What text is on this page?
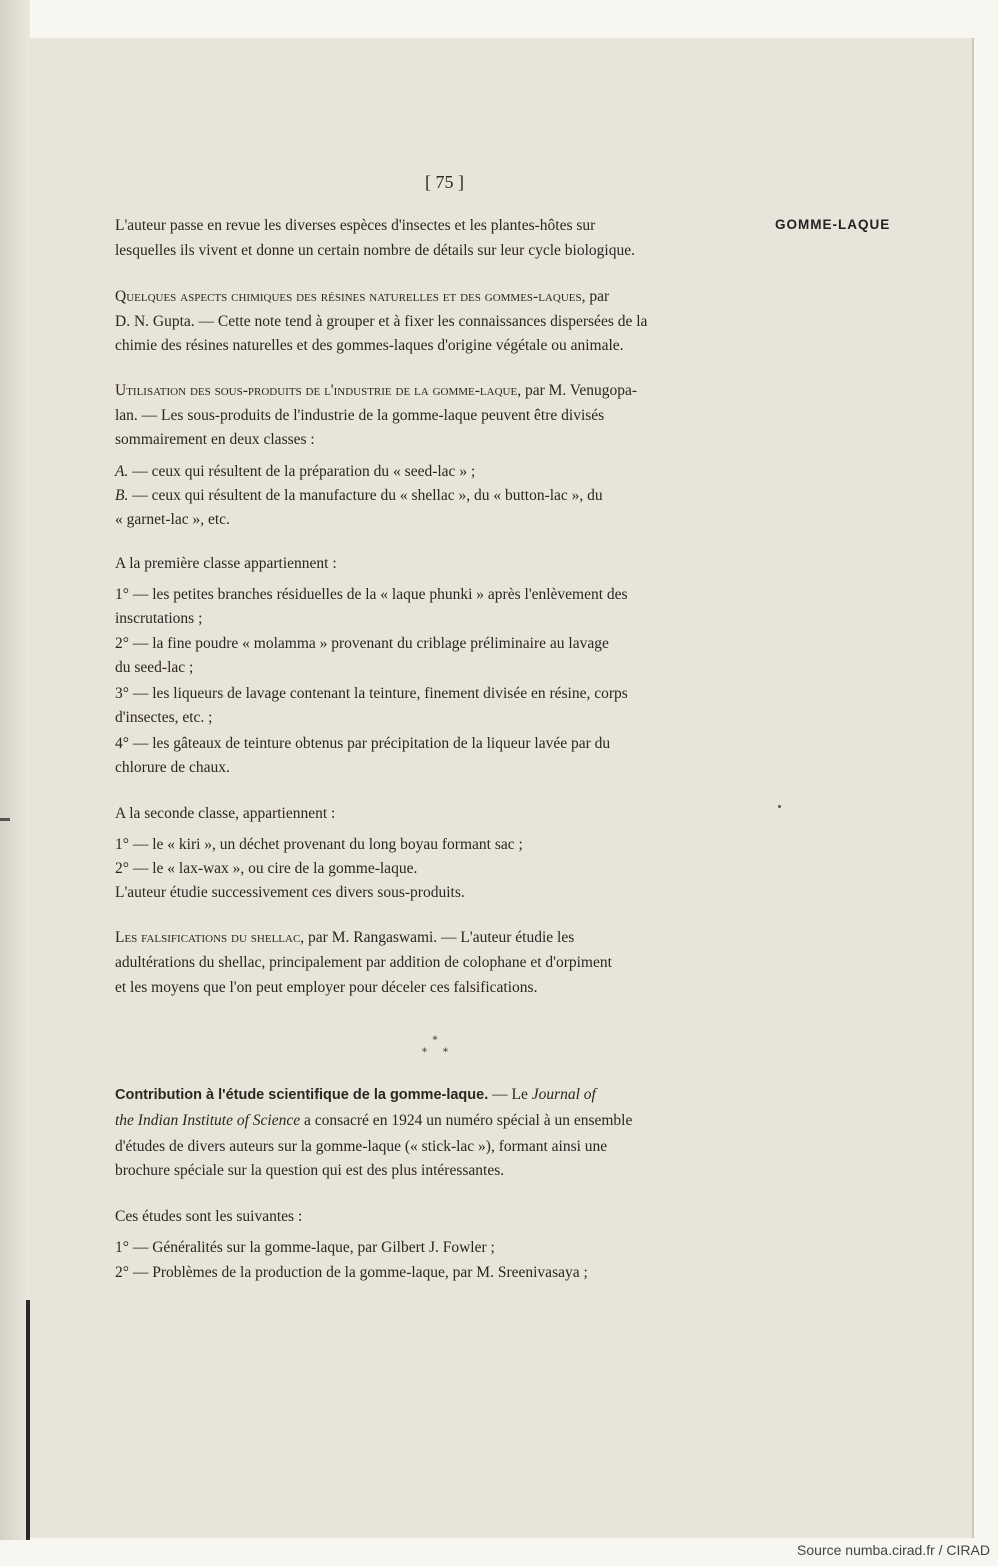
[ 75 ]
GOMME-LAQUE
L'auteur passe en revue les diverses espèces d'insectes et les plantes-hôtes sur
lesquelles ils vivent et donne un certain nombre de détails sur leur cycle biologique.
Quelques aspects chimiques des résines naturelles et des gommes-laques, par
D. N. Gupta. — Cette note tend à grouper et à fixer les connaissances dispersées de la
chimie des résines naturelles et des gommes-laques d'origine végétale ou animale.
Utilisation des sous-produits de l'industrie de la gomme-laque, par M. Venugopa-
lan. — Les sous-produits de l'industrie de la gomme-laque peuvent être divisés
sommairement en deux classes :
A. — ceux qui résultent de la préparation du « seed-lac » ;
B. — ceux qui résultent de la manufacture du « shellac », du « button-lac », du
« garnet-lac », etc.
A la première classe appartiennent :
1° — les petites branches résiduelles de la « laque phunki » après l'enlèvement des
inscrutations ;
2° — la fine poudre « molamma » provenant du criblage préliminaire au lavage
du seed-lac ;
3° — les liqueurs de lavage contenant la teinture, finement divisée en résine, corps
d'insectes, etc. ;
4° — les gâteaux de teinture obtenus par précipitation de la liqueur lavée par du
chlorure de chaux.
A la seconde classe, appartiennent :
1° — le « kiri », un déchet provenant du long boyau formant sac ;
2° — le « lax-wax », ou cire de la gomme-laque.
L'auteur étudie successivement ces divers sous-produits.
Les falsifications du shellac, par M. Rangaswami. — L'auteur étudie les
adultérations du shellac, principalement par addition de colophane et d'orpiment
et les moyens que l'on peut employer pour déceler ces falsifications.
*
*     *
Contribution à l'étude scientifique de la gomme-laque. — Le Journal of
the Indian Institute of Science a consacré en 1924 un numéro spécial à un ensemble
d'études de divers auteurs sur la gomme-laque (« stick-lac »), formant ainsi une
brochure spéciale sur la question qui est des plus intéressantes.
Ces études sont les suivantes :
1° — Généralités sur la gomme-laque, par Gilbert J. Fowler ;
2° — Problèmes de la production de la gomme-laque, par M. Sreenivasaya ;
Source numba.cirad.fr / CIRAD
